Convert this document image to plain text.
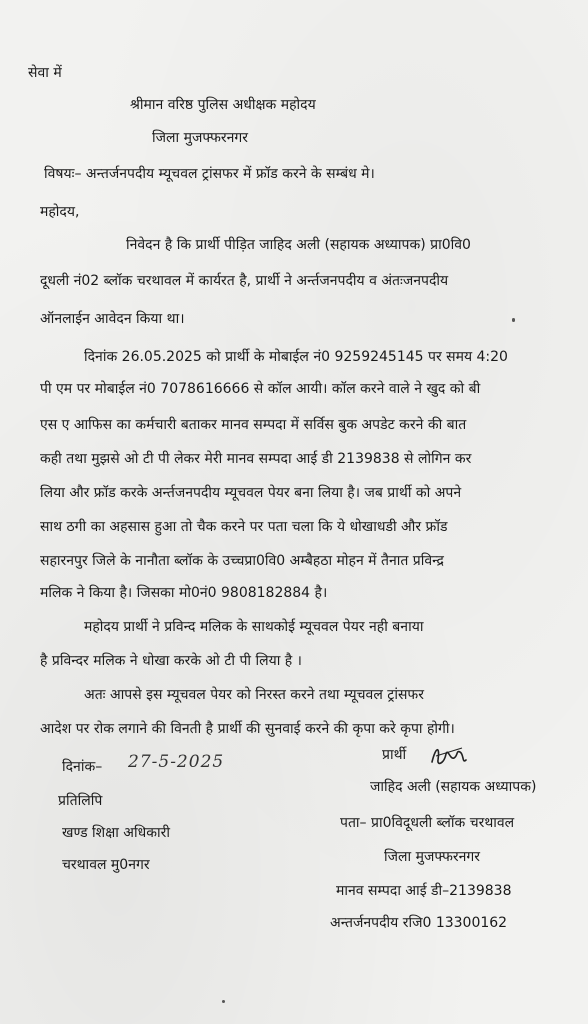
सेवा में
श्रीमान वरिष्ठ पुलिस अधीक्षक महोदय
जिला मुजफ्फरनगर
विषयः– अन्तर्जनपदीय म्यूचवल ट्रांसफर में फ्रॉड करने के सम्बंध मे।
महोदय,
निवेदन है कि प्रार्थी पीड़ित जाहिद अली (सहायक अध्यापक) प्रा0वि0
दूधली नं02 ब्लॉक चरथावल में कार्यरत है, प्रार्थी ने अर्न्तजनपदीय व अंतःजनपदीय
ऑनलाईन आवेदन किया था।
दिनांक 26.05.2025 को प्रार्थी के मोबाईल नं0 9259245145 पर समय 4:20
पी एम पर मोबाईल नं0 7078616666 से कॉल आयी। कॉल करने वाले ने खुद को बी
एस ए आफिस का कर्मचारी बताकर मानव सम्पदा में सर्विस बुक अपडेट करने की बात
कही तथा मुझसे ओ टी पी लेकर मेरी मानव सम्पदा आई डी 2139838 से लोगिन कर
लिया और फ्रॉड करके अर्न्तजनपदीय म्यूचवल पेयर बना लिया है। जब प्रार्थी को अपने
साथ ठगी का अहसास हुआ तो चैक करने पर पता चला कि ये धोखाधडी और फ्रॉड
सहारनपुर जिले के नानौता ब्लॉक के उच्चप्रा0वि0 अम्बैहठा मोहन में तैनात प्रविन्द्र
मलिक ने किया है। जिसका मो0नं0 9808182884 है।
महोदय प्रार्थी ने प्रविन्द मलिक के साथकोई म्यूचवल पेयर नही बनाया
है प्रविन्दर मलिक ने धोखा करके ओ टी पी लिया है ।
अतः आपसे इस म्यूचवल पेयर को निरस्त करने तथा म्यूचवल ट्रांसफर
आदेश पर रोक लगाने की विनती है प्रार्थी की सुनवाई करने की कृपा करे कृपा होगी।
दिनांक– 27-5-2025	प्रार्थी
जाहिद अली (सहायक अध्यापक)
प्रतिलिपि
खण्ड शिक्षा अधिकारी
चरथावल मु0नगर
पता– प्रा0विदूधली ब्लॉक चरथावल
जिला मुजफ्फरनगर
मानव सम्पदा आई डी–2139838
अन्तर्जनपदीय रजि0 13300162
